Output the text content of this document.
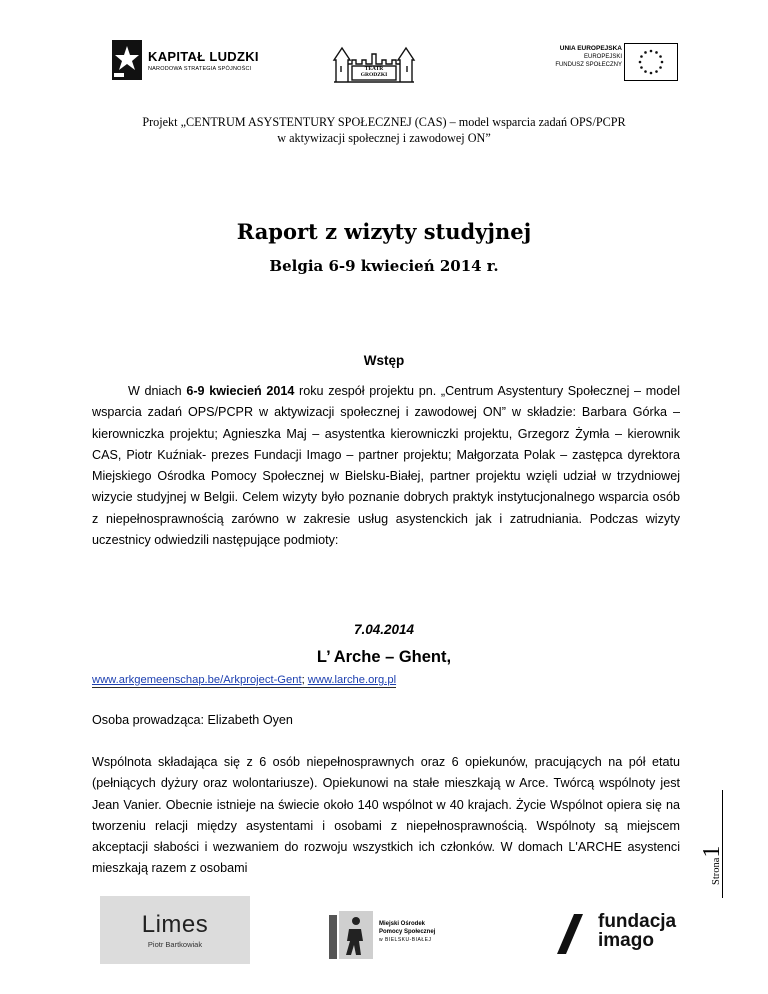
KAPITAŁ LUDZKI
NARODOWA STRATEGIA SPÓJNOŚCI	TEATR
GRODZKI
UNIA EUROPEJSKA
EUROPEJSKI
FUNDUSZ SPOŁECZNY
Projekt „CENTRUM ASYSTENTURY SPOŁECZNEJ (CAS) – model wsparcia zadań OPS/PCPR
w aktywizacji społecznej i zawodowej ON”
Raport z wizyty studyjnej
Belgia 6-9 kwiecień 2014 r.
Wstęp
W dniach 6-9 kwiecień 2014 roku zespół projektu pn. „Centrum Asystentury Społecznej – model wsparcia zadań OPS/PCPR w aktywizacji społecznej i zawodowej ON” w składzie: Barbara Górka – kierowniczka projektu; Agnieszka Maj – asystentka kierowniczki projektu, Grzegorz Żymła – kierownik CAS, Piotr Kuźniak- prezes Fundacji Imago – partner projektu; Małgorzata Polak – zastępca dyrektora Miejskiego Ośrodka Pomocy Społecznej w Bielsku-Białej, partner projektu wzięli udział w trzydniowej wizycie studyjnej w Belgii. Celem wizyty było poznanie dobrych praktyk instytucjonalnego wsparcia osób z niepełnosprawnością zarówno w zakresie usług asystenckich jak i zatrudniania. Podczas wizyty uczestnicy odwiedzili następujące podmioty:
7.04.2014
L’ Arche – Ghent,
www.arkgemeenschap.be/Arkproject-Gent; www.larche.org.pl
Osoba prowadząca: Elizabeth Oyen
Wspólnota składająca się z 6 osób niepełnosprawnych oraz 6 opiekunów, pracujących na pół etatu (pełniących dyżury oraz wolontariusze). Opiekunowi na stałe mieszkają w Arce. Twórcą wspólnoty jest Jean Vanier. Obecnie istnieje na świecie około 140 wspólnot w 40 krajach. Życie Wspólnot opiera się na tworzeniu relacji między asystentami i osobami z niepełnosprawnością. Wspólnoty są miejscem akceptacji słabości i wezwaniem do rozwoju wszystkich ich członków. W domach L'ARCHE asystenci mieszkają razem z osobami	Strona1
Limes
Piotr Bartkowiak
Miejski Ośrodek
Pomocy Społecznej
w BIELSKU-BIAŁEJ
fundacja
imago
